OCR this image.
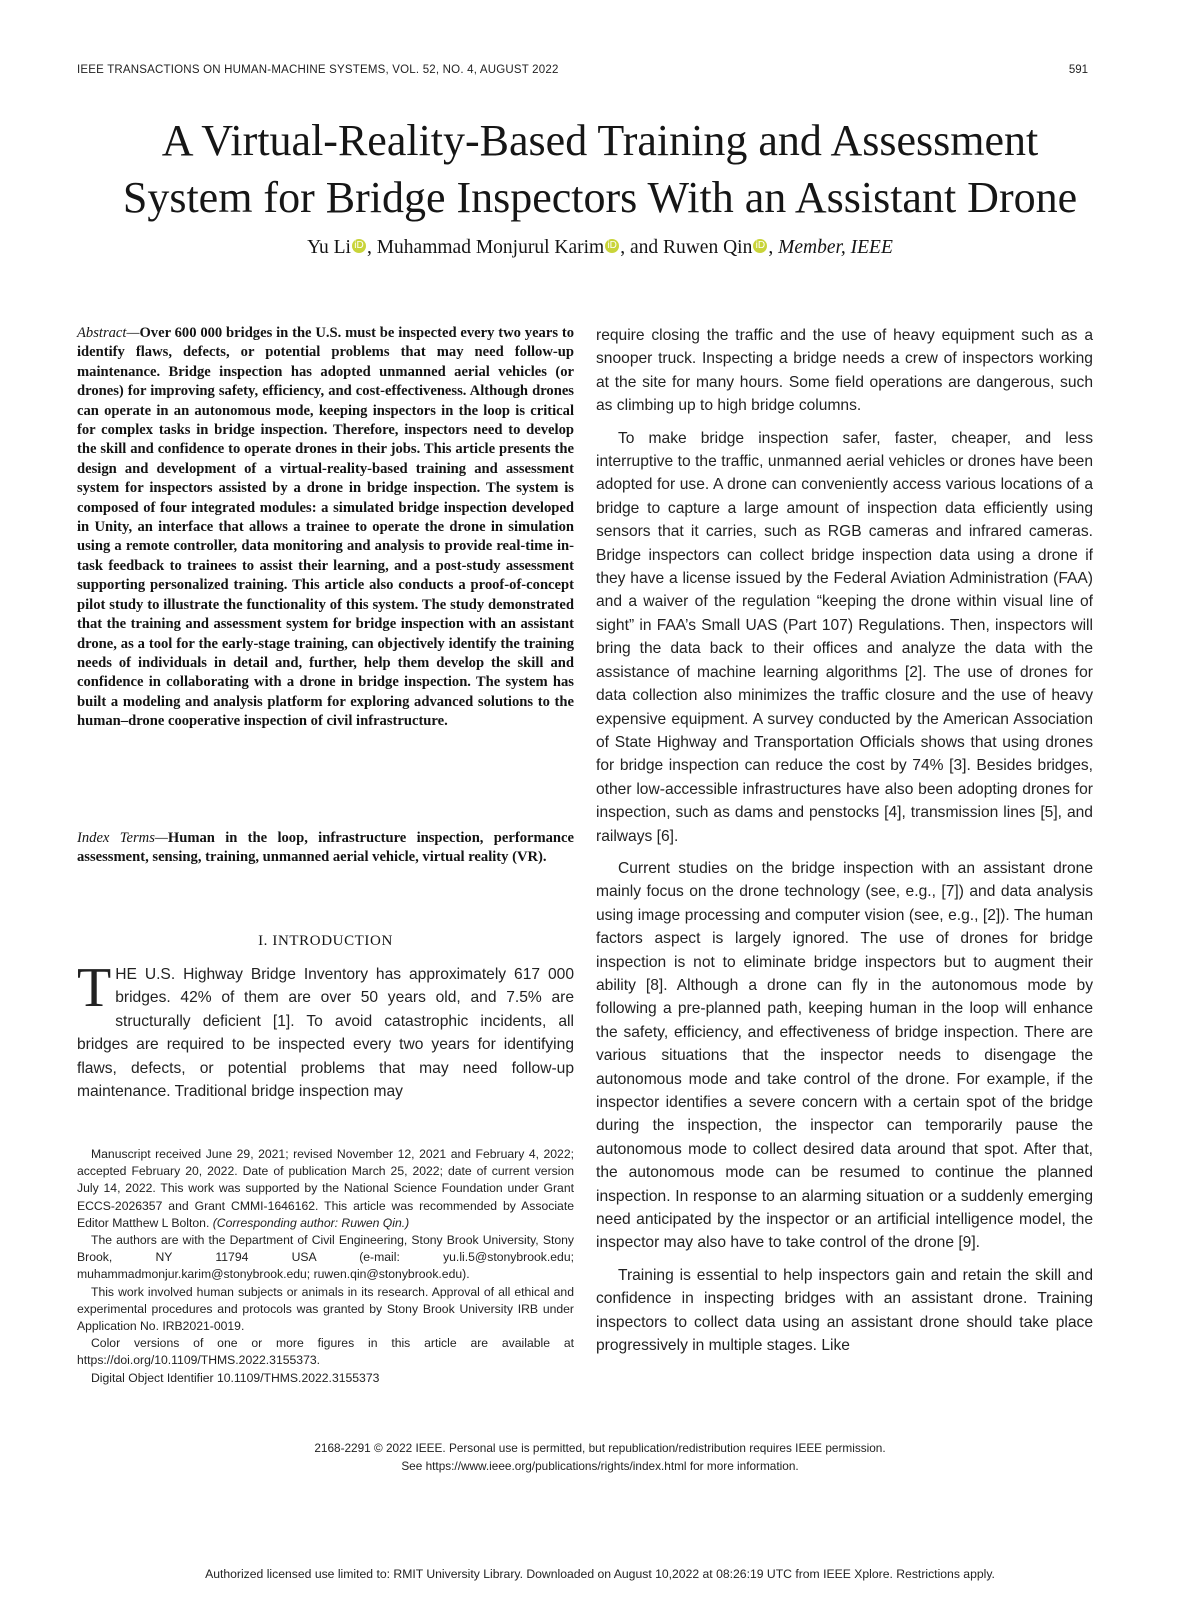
IEEE TRANSACTIONS ON HUMAN-MACHINE SYSTEMS, VOL. 52, NO. 4, AUGUST 2022	591
A Virtual-Reality-Based Training and Assessment
System for Bridge Inspectors With an Assistant Drone
Yu Li iD , Muhammad Monjurul Karim iD , and Ruwen Qin iD , Member, IEEE
Abstract—Over 600 000 bridges in the U.S. must be inspected every two years to identify flaws, defects, or potential problems that may need follow-up maintenance. Bridge inspection has adopted unmanned aerial vehicles (or drones) for improving safety, efficiency, and cost-effectiveness. Although drones can operate in an autonomous mode, keeping inspectors in the loop is critical for complex tasks in bridge inspection. Therefore, inspectors need to develop the skill and confidence to operate drones in their jobs. This article presents the design and development of a virtual-reality-based training and assessment system for inspectors assisted by a drone in bridge inspection. The system is composed of four integrated modules: a simulated bridge inspection developed in Unity, an interface that allows a trainee to operate the drone in simulation using a remote controller, data monitoring and analysis to provide real-time in-task feedback to trainees to assist their learning, and a post-study assessment supporting personalized training. This article also conducts a proof-of-concept pilot study to illustrate the functionality of this system. The study demonstrated that the training and assessment system for bridge inspection with an assistant drone, as a tool for the early-stage training, can objectively identify the training needs of individuals in detail and, further, help them develop the skill and confidence in collaborating with a drone in bridge inspection. The system has built a modeling and analysis platform for exploring advanced solutions to the human–drone cooperative inspection of civil infrastructure.
Index Terms—Human in the loop, infrastructure inspection, performance assessment, sensing, training, unmanned aerial vehicle, virtual reality (VR).
I. INTRODUCTION
THE U.S. Highway Bridge Inventory has approximately 617 000 bridges. 42% of them are over 50 years old, and 7.5% are structurally deficient [1]. To avoid catastrophic incidents, all bridges are required to be inspected every two years for identifying flaws, defects, or potential problems that may need follow-up maintenance. Traditional bridge inspection may

Manuscript received June 29, 2021; revised November 12, 2021 and February 4, 2022; accepted February 20, 2022. Date of publication March 25, 2022; date of current version July 14, 2022. This work was supported by the National Science Foundation under Grant ECCS-2026357 and Grant CMMI-1646162. This article was recommended by Associate Editor Matthew L Bolton. (Corresponding author: Ruwen Qin.)

The authors are with the Department of Civil Engineering, Stony Brook University, Stony Brook, NY 11794 USA (e-mail: yu.li.5@stonybrook.edu; muhammadmonjur.karim@stonybrook.edu; ruwen.qin@stonybrook.edu).

This work involved human subjects or animals in its research. Approval of all ethical and experimental procedures and protocols was granted by Stony Brook University IRB under Application No. IRB2021-0019.

Color versions of one or more figures in this article are available at https://doi.org/10.1109/THMS.2022.3155373.

Digital Object Identifier 10.1109/THMS.2022.3155373

require closing the traffic and the use of heavy equipment such as a snooper truck. Inspecting a bridge needs a crew of inspectors working at the site for many hours. Some field operations are dangerous, such as climbing up to high bridge columns.

To make bridge inspection safer, faster, cheaper, and less interruptive to the traffic, unmanned aerial vehicles or drones have been adopted for use. A drone can conveniently access various locations of a bridge to capture a large amount of inspection data efficiently using sensors that it carries, such as RGB cameras and infrared cameras. Bridge inspectors can collect bridge inspection data using a drone if they have a license issued by the Federal Aviation Administration (FAA) and a waiver of the regulation “keeping the drone within visual line of sight” in FAA’s Small UAS (Part 107) Regulations. Then, inspectors will bring the data back to their offices and analyze the data with the assistance of machine learning algorithms [2]. The use of drones for data collection also minimizes the traffic closure and the use of heavy expensive equipment. A survey conducted by the American Association of State Highway and Transportation Officials shows that using drones for bridge inspection can reduce the cost by 74% [3]. Besides bridges, other low-accessible infrastructures have also been adopting drones for inspection, such as dams and penstocks [4], transmission lines [5], and railways [6].

Current studies on the bridge inspection with an assistant drone mainly focus on the drone technology (see, e.g., [7]) and data analysis using image processing and computer vision (see, e.g., [2]). The human factors aspect is largely ignored. The use of drones for bridge inspection is not to eliminate bridge inspectors but to augment their ability [8]. Although a drone can fly in the autonomous mode by following a pre-planned path, keeping human in the loop will enhance the safety, efficiency, and effectiveness of bridge inspection. There are various situations that the inspector needs to disengage the autonomous mode and take control of the drone. For example, if the inspector identifies a severe concern with a certain spot of the bridge during the inspection, the inspector can temporarily pause the autonomous mode to collect desired data around that spot. After that, the autonomous mode can be resumed to continue the planned inspection. In response to an alarming situation or a suddenly emerging need anticipated by the inspector or an artificial intelligence model, the inspector may also have to take control of the drone [9].

Training is essential to help inspectors gain and retain the skill and confidence in inspecting bridges with an assistant drone. Training inspectors to collect data using an assistant drone should take place progressively in multiple stages. Like

2168-2291 © 2022 IEEE. Personal use is permitted, but republication/redistribution requires IEEE permission.
See https://www.ieee.org/publications/rights/index.html for more information.
Authorized licensed use limited to: RMIT University Library. Downloaded on August 10,2022 at 08:26:19 UTC from IEEE Xplore. Restrictions apply.
